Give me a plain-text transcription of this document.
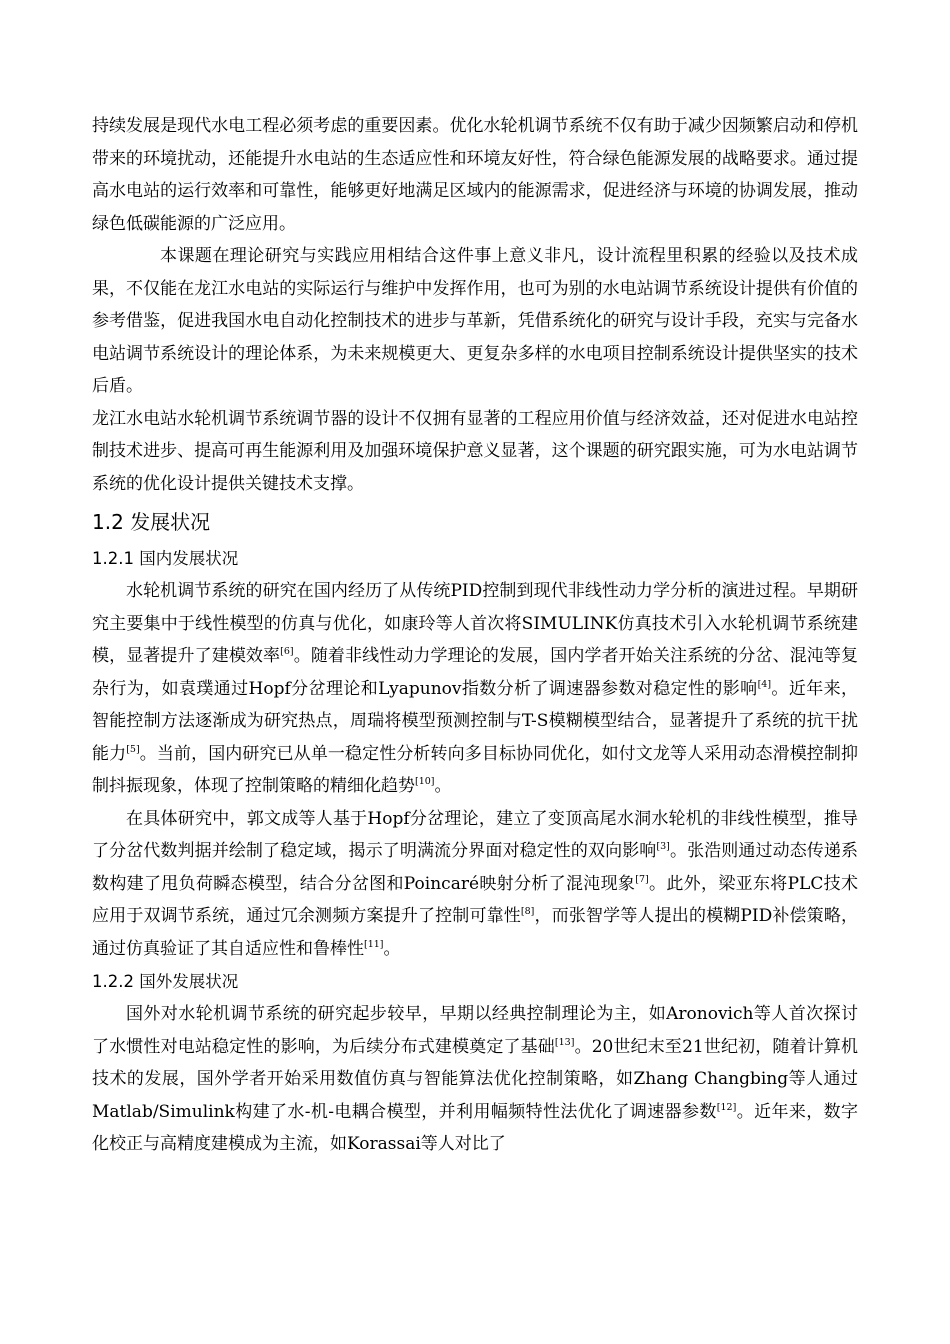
持续发展是现代水电工程必须考虑的重要因素。优化水轮机调节系统不仅有助于减少因频繁启动和停机带来的环境扰动，还能提升水电站的生态适应性和环境友好性，符合绿色能源发展的战略要求。通过提高水电站的运行效率和可靠性，能够更好地满足区域内的能源需求，促进经济与环境的协调发展，推动绿色低碳能源的广泛应用。

本课题在理论研究与实践应用相结合这件事上意义非凡，设计流程里积累的经验以及技术成果，不仅能在龙江水电站的实际运行与维护中发挥作用，也可为别的水电站调节系统设计提供有价值的参考借鉴，促进我国水电自动化控制技术的进步与革新，凭借系统化的研究与设计手段，充实与完备水电站调节系统设计的理论体系，为未来规模更大、更复杂多样的水电项目控制系统设计提供坚实的技术后盾。

龙江水电站水轮机调节系统调节器的设计不仅拥有显著的工程应用价值与经济效益，还对促进水电站控制技术进步、提高可再生能源利用及加强环境保护意义显著，这个课题的研究跟实施，可为水电站调节系统的优化设计提供关键技术支撑。

1.2 发展状况
1.2.1 国内发展状况

水轮机调节系统的研究在国内经历了从传统PID控制到现代非线性动力学分析的演进过程。早期研究主要集中于线性模型的仿真与优化，如康玲等人首次将SIMULINK仿真技术引入水轮机调节系统建模，显著提升了建模效率[6]。随着非线性动力学理论的发展，国内学者开始关注系统的分岔、混沌等复杂行为，如袁璞通过Hopf分岔理论和Lyapunov指数分析了调速器参数对稳定性的影响[4]。近年来，智能控制方法逐渐成为研究热点，周瑞将模型预测控制与T-S模糊模型结合，显著提升了系统的抗干扰能力[5]。当前，国内研究已从单一稳定性分析转向多目标协同优化，如付文龙等人采用动态滑模控制抑制抖振现象，体现了控制策略的精细化趋势[10]。

在具体研究中，郭文成等人基于Hopf分岔理论，建立了变顶高尾水洞水轮机的非线性模型，推导了分岔代数判据并绘制了稳定域，揭示了明满流分界面对稳定性的双向影响[3]。张浩则通过动态传递系数构建了甩负荷瞬态模型，结合分岔图和Poincaré映射分析了混沌现象[7]。此外，梁亚东将PLC技术应用于双调节系统，通过冗余测频方案提升了控制可靠性[8]，而张智学等人提出的模糊PID补偿策略，通过仿真验证了其自适应性和鲁棒性[11]。

1.2.2 国外发展状况

国外对水轮机调节系统的研究起步较早，早期以经典控制理论为主，如Aronovich等人首次探讨了水惯性对电站稳定性的影响，为后续分布式建模奠定了基础[13]。20世纪末至21世纪初，随着计算机技术的发展，国外学者开始采用数值仿真与智能算法优化控制策略，如Zhang Changbing等人通过Matlab/Simulink构建了水-机-电耦合模型，并利用幅频特性法优化了调速器参数[12]。近年来，数字化校正与高精度建模成为主流，如Korassai等人对比了
